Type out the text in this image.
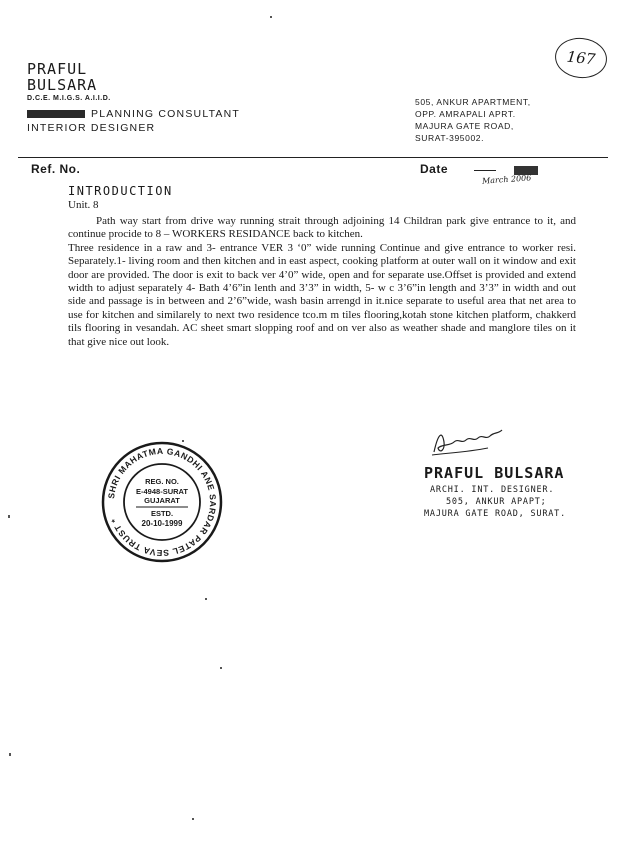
167
PRAFUL
BULSARA
D.C.E. M.I.G.S. A.I.I.D.
PLANNING CONSULTANT
INTERIOR DESIGNER
505, ANKUR APARTMENT,
OPP. AMRAPALI APRT.
MAJURA GATE ROAD,
SURAT-395002.
Ref. No.	Date
March 2006
INTRODUCTION
Unit. 8

Path way start from drive way running strait through adjoining 14 Childran park give entrance to it, and continue procide to 8 – WORKERS RESIDANCE back to kitchen.

Three residence in a raw and 3- entrance VER 3 ‘0” wide running Continue and give entrance to worker resi. Separately.1- living room and then kitchen and in east aspect, cooking platform at outer wall on it window and exit door are provided. The door is exit to back ver 4’0” wide, open and for separate use.Offset is provided and extend width to adjust separately 4- Bath 4’6”in lenth and 3’3” in width, 5- w c 3’6”in length and 3’3” in width and out side and passage is in between and 2’6”wide, wash basin arrengd in it.nice separate to useful area that net area to use for kitchen and similarely to next two residence tco.m m tiles flooring,kotah stone kitchen platform, chakkerd tils flooring in vesandah. AC sheet smart slopping roof and on ver also as weather shade and manglore tiles on it that give nice out look.

SHRI MAHATMA GANDHI ANE SARDAR PATEL SEVA TRUST *
REG. NO.
E-4948-SURAT
GUJARAT
ESTD.
20-10-1999
PRAFUL BULSARA
ARCHI. INT. DESIGNER.
505, ANKUR APAPT;
MAJURA GATE ROAD, SURAT.
